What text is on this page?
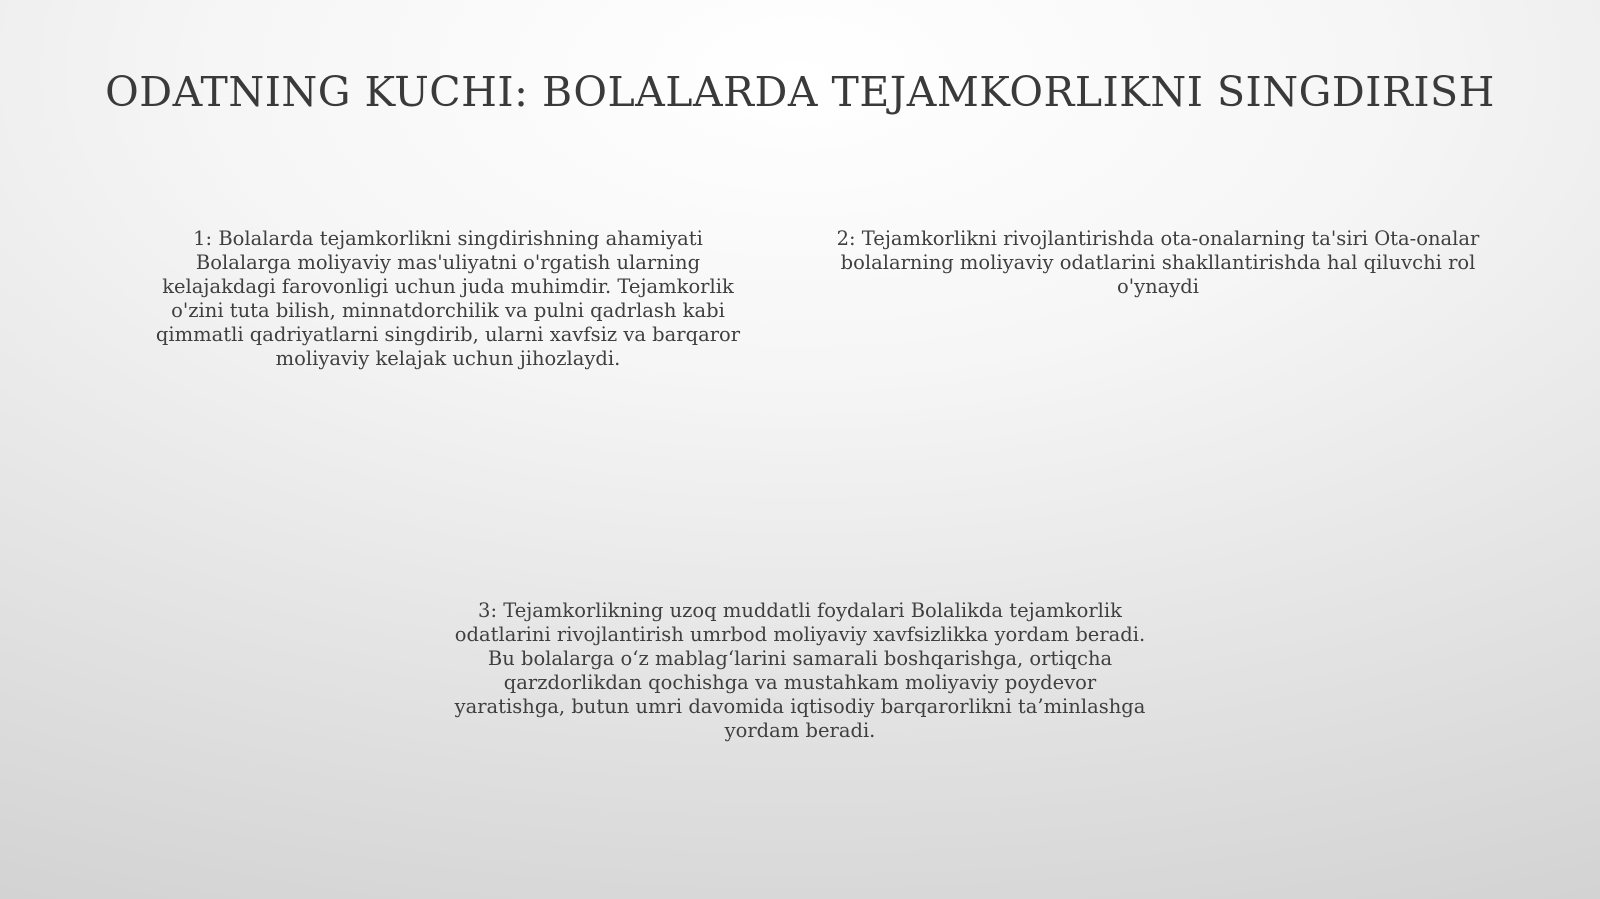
ODATNING KUCHI: BOLALARDA TEJAMKORLIKNI SINGDIRISH

1: Bolalarda tejamkorlikni singdirishning ahamiyati Bolalarga moliyaviy mas'uliyatni o'rgatish ularning kelajakdagi farovonligi uchun juda muhimdir. Tejamkorlik o'zini tuta bilish, minnatdorchilik va pulni qadrlash kabi qimmatli qadriyatlarni singdirib, ularni xavfsiz va barqaror moliyaviy kelajak uchun jihozlaydi.

2: Tejamkorlikni rivojlantirishda ota-onalarning ta'siri Ota-onalar bolalarning moliyaviy odatlarini shakllantirishda hal qiluvchi rol o'ynaydi

3: Tejamkorlikning uzoq muddatli foydalari Bolalikda tejamkorlik odatlarini rivojlantirish umrbod moliyaviy xavfsizlikka yordam beradi. Bu bolalarga o‘z mablag‘larini samarali boshqarishga, ortiqcha qarzdorlikdan qochishga va mustahkam moliyaviy poydevor yaratishga, butun umri davomida iqtisodiy barqarorlikni ta’minlashga yordam beradi.
